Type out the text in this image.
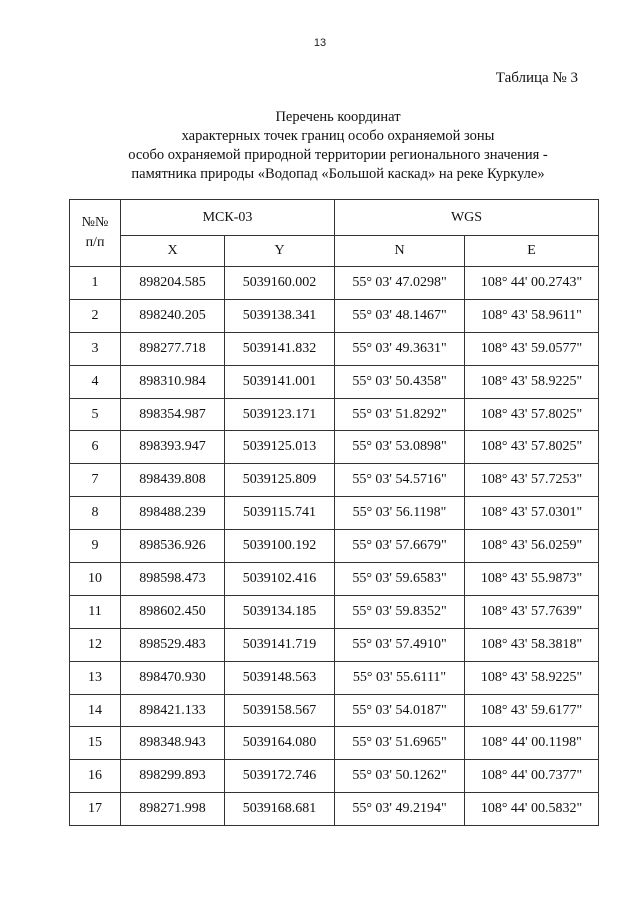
13
Таблица № 3
Перечень координат
характерных точек границ особо охраняемой зоны
особо охраняемой природной территории регионального значения -
памятника природы «Водопад «Большой каскад» на реке Куркуле»
№№
п/п	МСК-03		WGS	
	X	Y	N	E
1	898204.585	5039160.002	55° 03' 47.0298"	108° 44' 00.2743"
2	898240.205	5039138.341	55° 03' 48.1467"	108° 43' 58.9611"
3	898277.718	5039141.832	55° 03' 49.3631"	108° 43' 59.0577"
4	898310.984	5039141.001	55° 03' 50.4358"	108° 43' 58.9225"
5	898354.987	5039123.171	55° 03' 51.8292"	108° 43' 57.8025"
6	898393.947	5039125.013	55° 03' 53.0898"	108° 43' 57.8025"
7	898439.808	5039125.809	55° 03' 54.5716"	108° 43' 57.7253"
8	898488.239	5039115.741	55° 03' 56.1198"	108° 43' 57.0301"
9	898536.926	5039100.192	55° 03' 57.6679"	108° 43' 56.0259"
10	898598.473	5039102.416	55° 03' 59.6583"	108° 43' 55.9873"
11	898602.450	5039134.185	55° 03' 59.8352"	108° 43' 57.7639"
12	898529.483	5039141.719	55° 03' 57.4910"	108° 43' 58.3818"
13	898470.930	5039148.563	55° 03' 55.6111"	108° 43' 58.9225"
14	898421.133	5039158.567	55° 03' 54.0187"	108° 43' 59.6177"
15	898348.943	5039164.080	55° 03' 51.6965"	108° 44' 00.1198"
16	898299.893	5039172.746	55° 03' 50.1262"	108° 44' 00.7377"
17	898271.998	5039168.681	55° 03' 49.2194"	108° 44' 00.5832"
